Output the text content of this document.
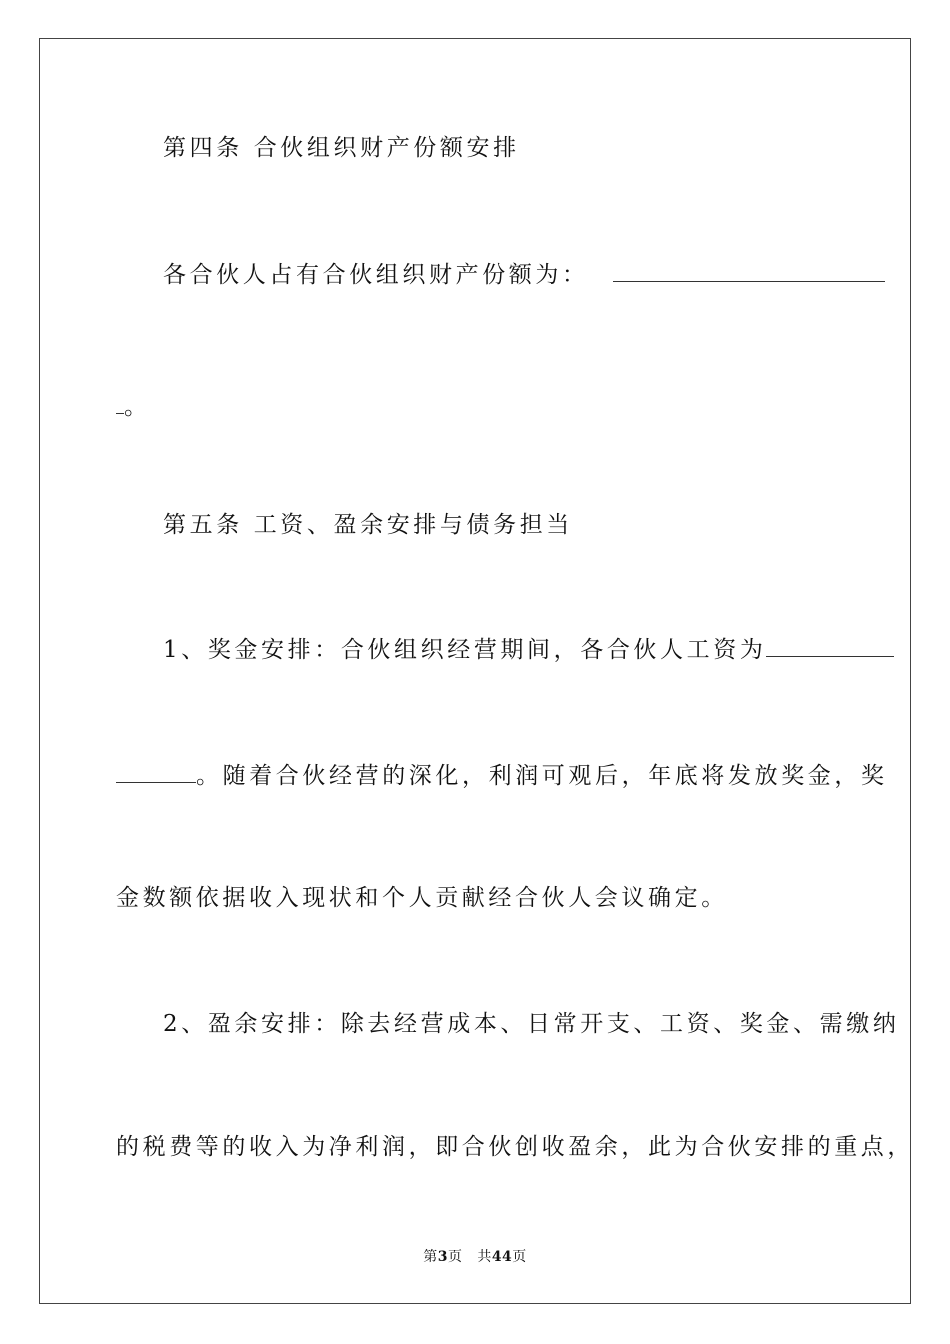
第四条 合伙组织财产份额安排
各合伙人占有合伙组织财产份额为：
。
第五条 工资、盈余安排与债务担当
1、奖金安排：合伙组织经营期间，各合伙人工资为
。随着合伙经营的深化，利润可观后，年底将发放奖金，奖
金数额依据收入现状和个人贡献经合伙人会议确定。
2、盈余安排：除去经营成本、日常开支、工资、奖金、需缴纳
的税费等的收入为净利润，即合伙创收盈余，此为合伙安排的重点，
第3页 共44页
